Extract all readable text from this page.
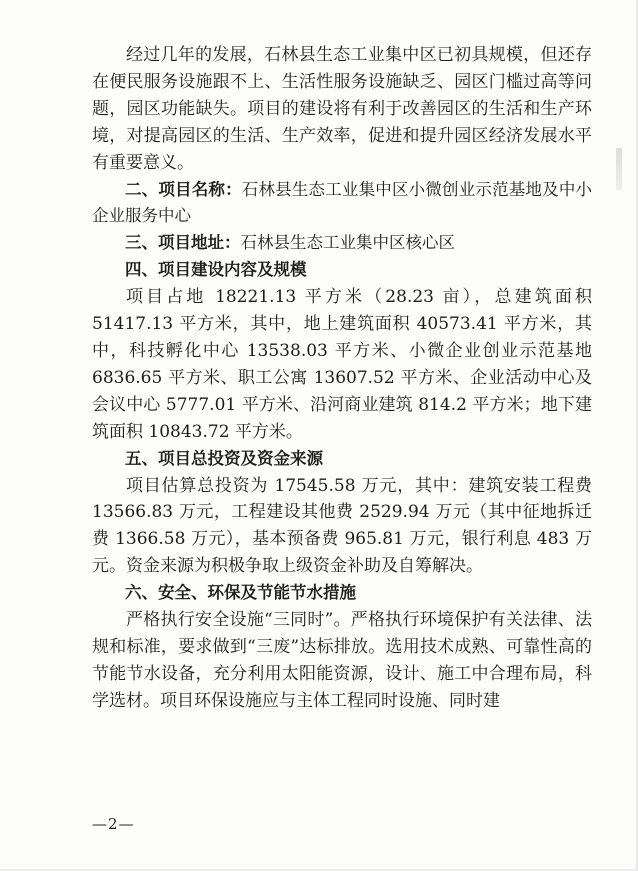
经过几年的发展，石林县生态工业集中区已初具规模，但还存在便民服务设施跟不上、生活性服务设施缺乏、园区门槛过高等问题，园区功能缺失。项目的建设将有利于改善园区的生活和生产环境，对提高园区的生活、生产效率，促进和提升园区经济发展水平有重要意义。

二、项目名称：石林县生态工业集中区小微创业示范基地及中小企业服务中心

三、项目地址：石林县生态工业集中区核心区

四、项目建设内容及规模

项目占地 18221.13 平方米（28.23 亩），总建筑面积 51417.13 平方米，其中，地上建筑面积 40573.41 平方米，其中，科技孵化中心 13538.03 平方米、小微企业创业示范基地 6836.65 平方米、职工公寓 13607.52 平方米、企业活动中心及会议中心 5777.01 平方米、沿河商业建筑 814.2 平方米；地下建筑面积 10843.72 平方米。

五、项目总投资及资金来源

项目估算总投资为 17545.58 万元，其中：建筑安装工程费 13566.83 万元，工程建设其他费 2529.94 万元（其中征地拆迁费 1366.58 万元），基本预备费 965.81 万元，银行利息 483 万元。资金来源为积极争取上级资金补助及自筹解决。

六、安全、环保及节能节水措施

严格执行安全设施“三同时”。严格执行环境保护有关法律、法规和标准，要求做到“三废”达标排放。选用技术成熟、可靠性高的节能节水设备，充分利用太阳能资源，设计、施工中合理布局，科学选材。项目环保设施应与主体工程同时设施、同时建

—2—
